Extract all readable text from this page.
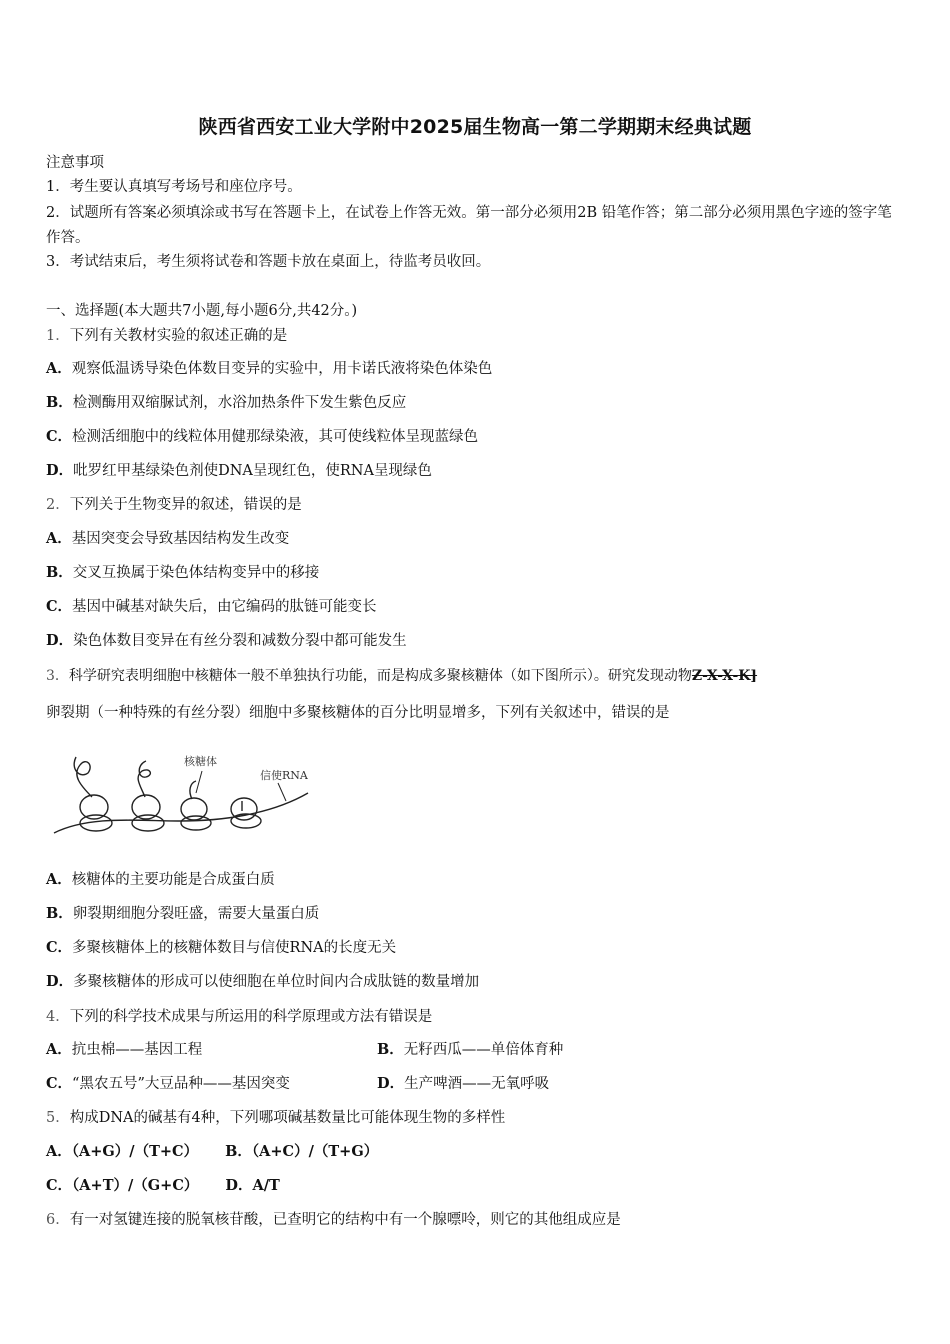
陕西省西安工业大学附中2025届生物高一第二学期期末经典试题
注意事项
1．考生要认真填写考场号和座位序号。
2．试题所有答案必须填涂或书写在答题卡上，在试卷上作答无效。第一部分必须用2B 铅笔作答；第二部分必须用黑色字迹的签字笔作答。
3．考试结束后，考生须将试卷和答题卡放在桌面上，待监考员收回。
一、选择题(本大题共7小题,每小题6分,共42分。)
1．下列有关教材实验的叙述正确的是
A．观察低温诱导染色体数目变异的实验中，用卡诺氏液将染色体染色
B．检测酶用双缩脲试剂，水浴加热条件下发生紫色反应
C．检测活细胞中的线粒体用健那绿染液，其可使线粒体呈现蓝绿色
D．吡罗红甲基绿染色剂使DNA呈现红色，使RNA呈现绿色
2．下列关于生物变异的叙述，错误的是
A．基因突变会导致基因结构发生改变
B．交叉互换属于染色体结构变异中的移接
C．基因中碱基对缺失后，由它编码的肽链可能变长
D．染色体数目变异在有丝分裂和减数分裂中都可能发生
3．科学研究表明细胞中核糖体一般不单独执行功能，而是构成多聚核糖体（如下图所示）。研究发现动物Z-X-X-K]
卵裂期（一种特殊的有丝分裂）细胞中多聚核糖体的百分比明显增多，下列有关叙述中，错误的是
核糖体
信使RNA
A．核糖体的主要功能是合成蛋白质
B．卵裂期细胞分裂旺盛，需要大量蛋白质
C．多聚核糖体上的核糖体数目与信使RNA的长度无关
D．多聚核糖体的形成可以使细胞在单位时间内合成肽链的数量增加
4．下列的科学技术成果与所运用的科学原理或方法有错误是
A．抗虫棉——基因工程	B．无籽西瓜——单倍体育种
C．“黑农五号”大豆品种——基因突变	D．生产啤酒——无氧呼吸
5．构成DNA的碱基有4种，下列哪项碱基数量比可能体现生物的多样性
A．（A+G）/（T+C） B．（A+C）/（T+G）
C．（A+T）/（G+C） D．A/T
6．有一对氢键连接的脱氧核苷酸，已查明它的结构中有一个腺嘌呤，则它的其他组成应是
